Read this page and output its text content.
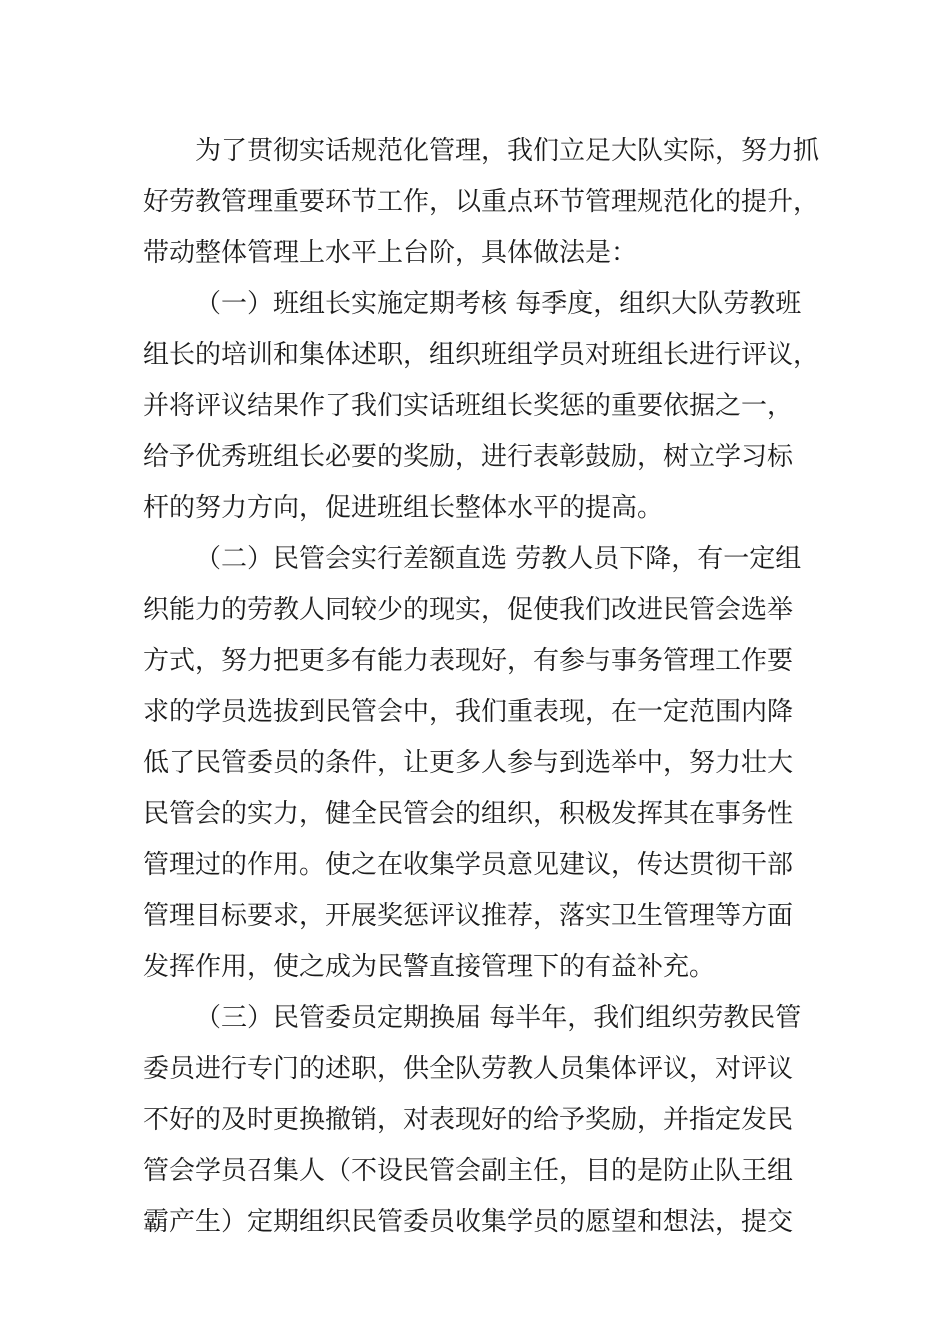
为了贯彻实话规范化管理，我们立足大队实际，努力抓
好劳教管理重要环节工作，以重点环节管理规范化的提升，
带动整体管理上水平上台阶，具体做法是：
（一）班组长实施定期考核 每季度，组织大队劳教班
组长的培训和集体述职，组织班组学员对班组长进行评议，
并将评议结果作了我们实话班组长奖惩的重要依据之一，
给予优秀班组长必要的奖励，进行表彰鼓励，树立学习标
杆的努力方向，促进班组长整体水平的提高。
（二）民管会实行差额直选 劳教人员下降，有一定组
织能力的劳教人同较少的现实，促使我们改进民管会选举
方式，努力把更多有能力表现好，有参与事务管理工作要
求的学员选拔到民管会中，我们重表现，在一定范围内降
低了民管委员的条件，让更多人参与到选举中，努力壮大
民管会的实力，健全民管会的组织，积极发挥其在事务性
管理过的作用。使之在收集学员意见建议，传达贯彻干部
管理目标要求，开展奖惩评议推荐，落实卫生管理等方面
发挥作用，使之成为民警直接管理下的有益补充。
（三）民管委员定期换届 每半年，我们组织劳教民管
委员进行专门的述职，供全队劳教人员集体评议，对评议
不好的及时更换撤销，对表现好的给予奖励，并指定发民
管会学员召集人（不设民管会副主任，目的是防止队王组
霸产生）定期组织民管委员收集学员的愿望和想法，提交
